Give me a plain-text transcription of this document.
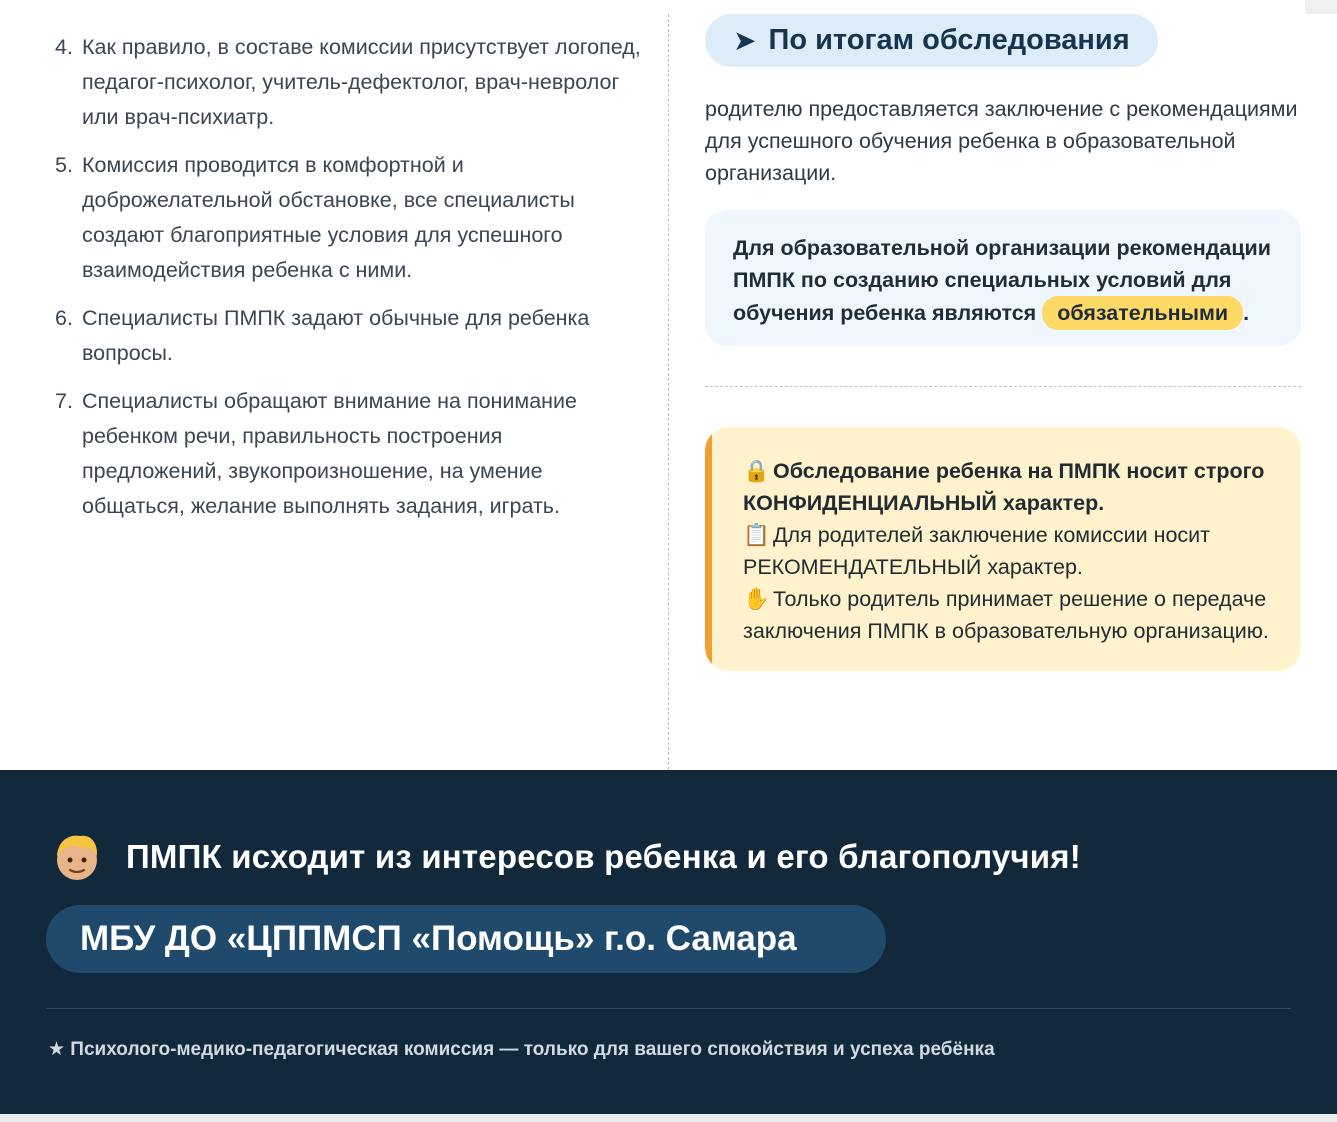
4. Как правило, в составе комиссии присутствует логопед, педагог-психолог, учитель-дефектолог, врач-невролог или врач-психиатр.
5. Комиссия проводится в комфортной и доброжелательной обстановке, все специалисты создают благоприятные условия для успешного взаимодействия ребенка с ними.
6. Специалисты ПМПК задают обычные для ребенка вопросы.
7. Специалисты обращают внимание на понимание ребенком речи, правильность построения предложений, звукопроизношение, на умение общаться, желание выполнять задания, играть.
➤ По итогам обследования

родителю предоставляется заключение с рекомендациями для успешного обучения ребенка в образовательной организации.

Для образовательной организации рекомендации ПМПК по созданию специальных условий для обучения ребенка являются обязательными .
🔒 Обследование ребенка на ПМПК носит строго КОНФИДЕНЦИАЛЬНЫЙ характер.
📋 Для родителей заключение комиссии носит РЕКОМЕНДАТЕЛЬНЫЙ характер.
✋ Только родитель принимает решение о передаче заключения ПМПК в образовательную организацию.
ПМПК исходит из интересов ребенка и его благополучия!
МБУ ДО «ЦППМСП «Помощь» г.о. Самара
★ Психолого-медико-педагогическая комиссия — только для вашего спокойствия и успеха ребёнка
